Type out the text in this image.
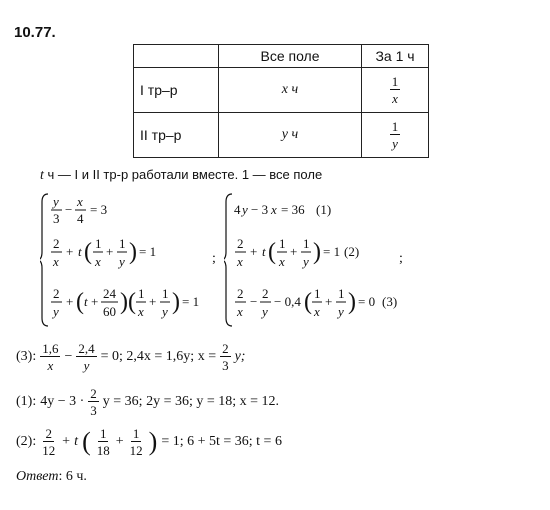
10.77.
	Все поле	За 1 ч
I тр–р	x ч	$\frac{1}{x}$

II тр–р	y ч	$\frac{1}{y}$
t ч — I и II тр-р работали вместе. 1 — все поле
y
3
−
x
4
= 3
2
x
+ t ( 1
x
+
1
y ) = 1
2
y
+ ( t +
24
60 ) ( 1
x
+
1
y ) = 1
;
4 y − 3 x = 36 (1)
2
x
+ t ( 1
x
+
1
y ) = 1 (2)
2
x
−
2
y
− 0,4 ( 1
x
+
1
y ) = 0 (3)
;
(3): $\frac{1,6}{x} - \frac{2,4}{y} = 0$; 2,4x = 1,6y; $x = \frac{2}{3} y$;
(1): $4y - 3 \cdot \frac{2}{3}$ y = 36; 2y = 36; y = 18; x = 12.
(2): $\frac{2}{12} + t$ ( $\frac{1}{18} + \frac{1}{12}$ ) = 1; 6 + 5t = 36; t = 6
Ответ: 6 ч.
